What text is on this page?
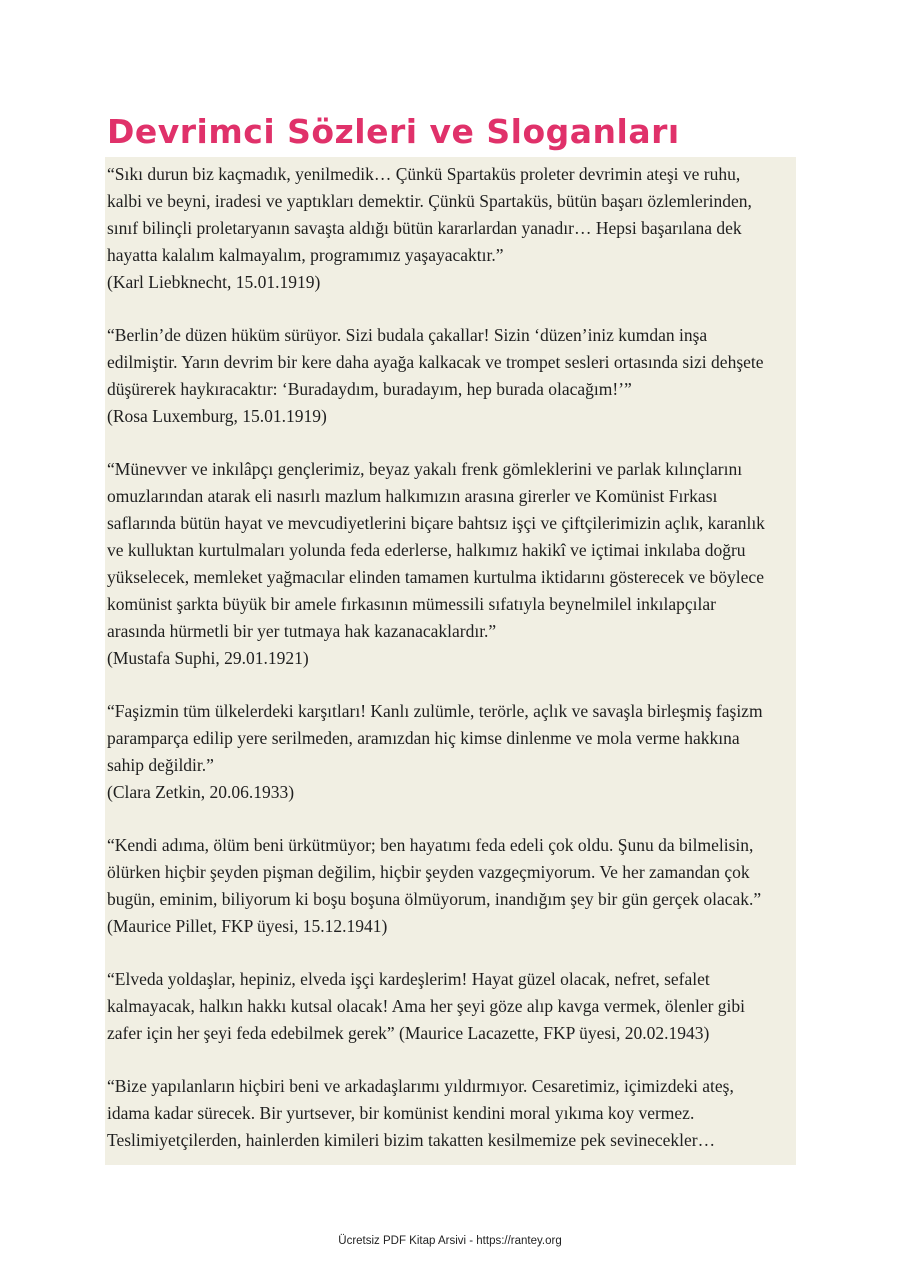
Devrimci Sözleri ve Sloganları
“Sıkı durun biz kaçmadık, yenilmedik… Çünkü Spartaküs proleter devrimin ateşi ve ruhu,
kalbi ve beyni, iradesi ve yaptıkları demektir. Çünkü Spartaküs, bütün başarı özlemlerinden,
sınıf bilinçli proletaryanın savaşta aldığı bütün kararlardan yanadır… Hepsi başarılana dek
hayatta kalalım kalmayalım, programımız yaşayacaktır.”
(Karl Liebknecht, 15.01.1919)
“Berlin’de düzen hüküm sürüyor. Sizi budala çakallar! Sizin ‘düzen’iniz kumdan inşa
edilmiştir. Yarın devrim bir kere daha ayağa kalkacak ve trompet sesleri ortasında sizi dehşete
düşürerek haykıracaktır: ‘Buradaydım, buradayım, hep burada olacağım!’”
(Rosa Luxemburg, 15.01.1919)
“Münevver ve inkılâpçı gençlerimiz, beyaz yakalı frenk gömleklerini ve parlak kılınçlarını
omuzlarından atarak eli nasırlı mazlum halkımızın arasına girerler ve Komünist Fırkası
saflarında bütün hayat ve mevcudiyetlerini biçare bahtsız işçi ve çiftçilerimizin açlık, karanlık
ve kulluktan kurtulmaları yolunda feda ederlerse, halkımız hakikî ve içtimai inkılaba doğru
yükselecek, memleket yağmacılar elinden tamamen kurtulma iktidarını gösterecek ve böylece
komünist şarkta büyük bir amele fırkasının mümessili sıfatıyla beynelmilel inkılapçılar
arasında hürmetli bir yer tutmaya hak kazanacaklardır.”
(Mustafa Suphi, 29.01.1921)
“Faşizmin tüm ülkelerdeki karşıtları! Kanlı zulümle, terörle, açlık ve savaşla birleşmiş faşizm
paramparça edilip yere serilmeden, aramızdan hiç kimse dinlenme ve mola verme hakkına
sahip değildir.”
(Clara Zetkin, 20.06.1933)
“Kendi adıma, ölüm beni ürkütmüyor; ben hayatımı feda edeli çok oldu. Şunu da bilmelisin,
ölürken hiçbir şeyden pişman değilim, hiçbir şeyden vazgeçmiyorum. Ve her zamandan çok
bugün, eminim, biliyorum ki boşu boşuna ölmüyorum, inandığım şey bir gün gerçek olacak.”
(Maurice Pillet, FKP üyesi, 15.12.1941)
“Elveda yoldaşlar, hepiniz, elveda işçi kardeşlerim! Hayat güzel olacak, nefret, sefalet
kalmayacak, halkın hakkı kutsal olacak! Ama her şeyi göze alıp kavga vermek, ölenler gibi
zafer için her şeyi feda edebilmek gerek” (Maurice Lacazette, FKP üyesi, 20.02.1943)
“Bize yapılanların hiçbiri beni ve arkadaşlarımı yıldırmıyor. Cesaretimiz, içimizdeki ateş,
idama kadar sürecek. Bir yurtsever, bir komünist kendini moral yıkıma koy vermez.
Teslimiyetçilerden, hainlerden kimileri bizim takatten kesilmemize pek sevinecekler…
Ücretsiz PDF Kitap Arsivi - https://rantey.org
